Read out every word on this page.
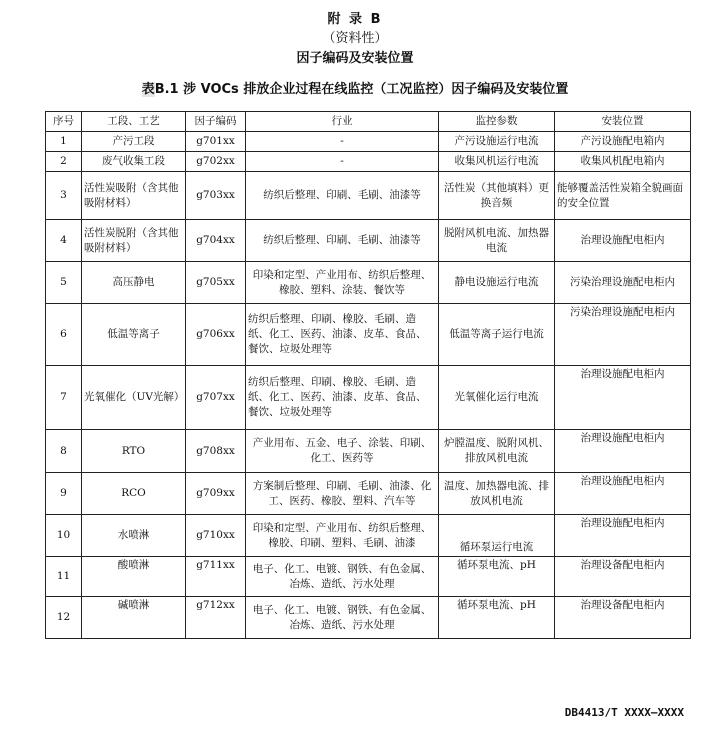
附 录 B
（资料性）
因子编码及安装位置
表B.1 涉 VOCs 排放企业过程在线监控（工况监控）因子编码及安装位置
序号	工段、工艺	因子编码	行业	监控参数	安装位置
1	产污工段	g701xx	-	产污设施运行电流	产污设施配电箱内
2	废气收集工段	g702xx	-	收集风机运行电流	收集风机配电箱内
3	活性炭吸附（含其他吸附材料）	g703xx	纺织后整理、印刷、毛刷、油漆等	活性炭（其他填料）更换音频	能够覆盖活性炭箱全貌画面的安全位置
4	活性炭脱附（含其他吸附材料）	g704xx	纺织后整理、印刷、毛刷、油漆等	脱附风机电流、加热器电流	治理设施配电柜内
5	高压静电	g705xx	印染和定型、产业用布、纺织后整理、橡胶、塑料、涂装、餐饮等	静电设施运行电流	污染治理设施配电柜内
6	低温等离子	g706xx	纺织后整理、印刷、橡胶、毛刷、造纸、化工、医药、油漆、皮革、食品、餐饮、垃圾处理等	低温等离子运行电流	污染治理设施配电柜内
7	光氧催化（UV光解）	g707xx	纺织后整理、印刷、橡胶、毛刷、造纸、化工、医药、油漆、皮革、食品、餐饮、垃圾处理等	光氧催化运行电流	治理设施配电柜内
8	RTO	g708xx	产业用布、五金、电子、涂装、印刷、化工、医药等	炉膛温度、脱附风机、排放风机电流	治理设施配电柜内
9	RCO	g709xx	方案制后整理、印刷、毛刷、油漆、化工、医药、橡胶、塑料、汽车等	温度、加热器电流、排放风机电流	治理设施配电柜内
10	水喷淋	g710xx	印染和定型、产业用布、纺织后整理、橡胶、印刷、塑料、毛刷、油漆	循环泵运行电流	治理设施配电柜内
11	酸喷淋	g711xx	电子、化工、电镀、钢铁、有色金属、冶炼、造纸、污水处理	循环泵电流、pH	治理设备配电柜内
12	碱喷淋	g712xx	电子、化工、电镀、钢铁、有色金属、冶炼、造纸、污水处理	循环泵电流、pH	治理设备配电柜内
DB4413/T XXXX—XXXX
